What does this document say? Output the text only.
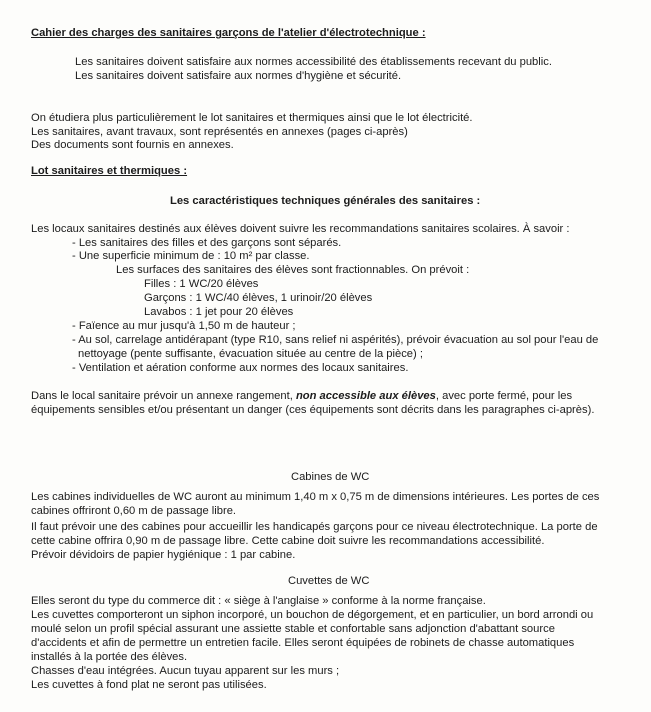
Cahier des charges des sanitaires garçons de l'atelier d'électrotechnique :
Les sanitaires doivent satisfaire aux normes accessibilité des établissements recevant du public.
Les sanitaires doivent satisfaire aux normes d'hygiène et sécurité.
On étudiera plus particulièrement le lot sanitaires et thermiques ainsi que le lot électricité.
Les sanitaires, avant travaux, sont représentés en annexes (pages ci-après)
Des documents sont fournis en annexes.
Lot sanitaires et thermiques :
Les caractéristiques techniques générales des sanitaires :
Les locaux sanitaires destinés aux élèves doivent suivre les recommandations sanitaires scolaires. À savoir :
- Les sanitaires des filles et des garçons sont séparés.
- Une superficie minimum de : 10 m² par classe.
Les surfaces des sanitaires des élèves sont fractionnables. On prévoit :
Filles : 1 WC/20 élèves
Garçons : 1 WC/40 élèves, 1 urinoir/20 élèves
Lavabos : 1 jet pour 20 élèves
- Faïence au mur jusqu'à 1,50 m de hauteur ;
- Au sol, carrelage antidérapant (type R10, sans relief ni aspérités), prévoir évacuation au sol pour l'eau de
nettoyage (pente suffisante, évacuation située au centre de la pièce) ;
- Ventilation et aération conforme aux normes des locaux sanitaires.
Dans le local sanitaire prévoir un annexe rangement, non accessible aux élèves, avec porte fermé, pour les
équipements sensibles et/ou présentant un danger (ces équipements sont décrits dans les paragraphes ci-après).
Cabines de WC
Les cabines individuelles de WC auront au minimum 1,40 m x 0,75 m de dimensions intérieures. Les portes de ces
cabines offriront 0,60 m de passage libre.
Il faut prévoir une des cabines pour accueillir les handicapés garçons pour ce niveau électrotechnique. La porte de
cette cabine offrira 0,90 m de passage libre. Cette cabine doit suivre les recommandations accessibilité.
Prévoir dévidoirs de papier hygiénique : 1 par cabine.
Cuvettes de WC
Elles seront du type du commerce dit : « siège à l'anglaise » conforme à la norme française.
Les cuvettes comporteront un siphon incorporé, un bouchon de dégorgement, et en particulier, un bord arrondi ou
moulé selon un profil spécial assurant une assiette stable et confortable sans adjonction d'abattant source
d'accidents et afin de permettre un entretien facile. Elles seront équipées de robinets de chasse automatiques
installés à la portée des élèves.
Chasses d'eau intégrées. Aucun tuyau apparent sur les murs ;
Les cuvettes à fond plat ne seront pas utilisées.
